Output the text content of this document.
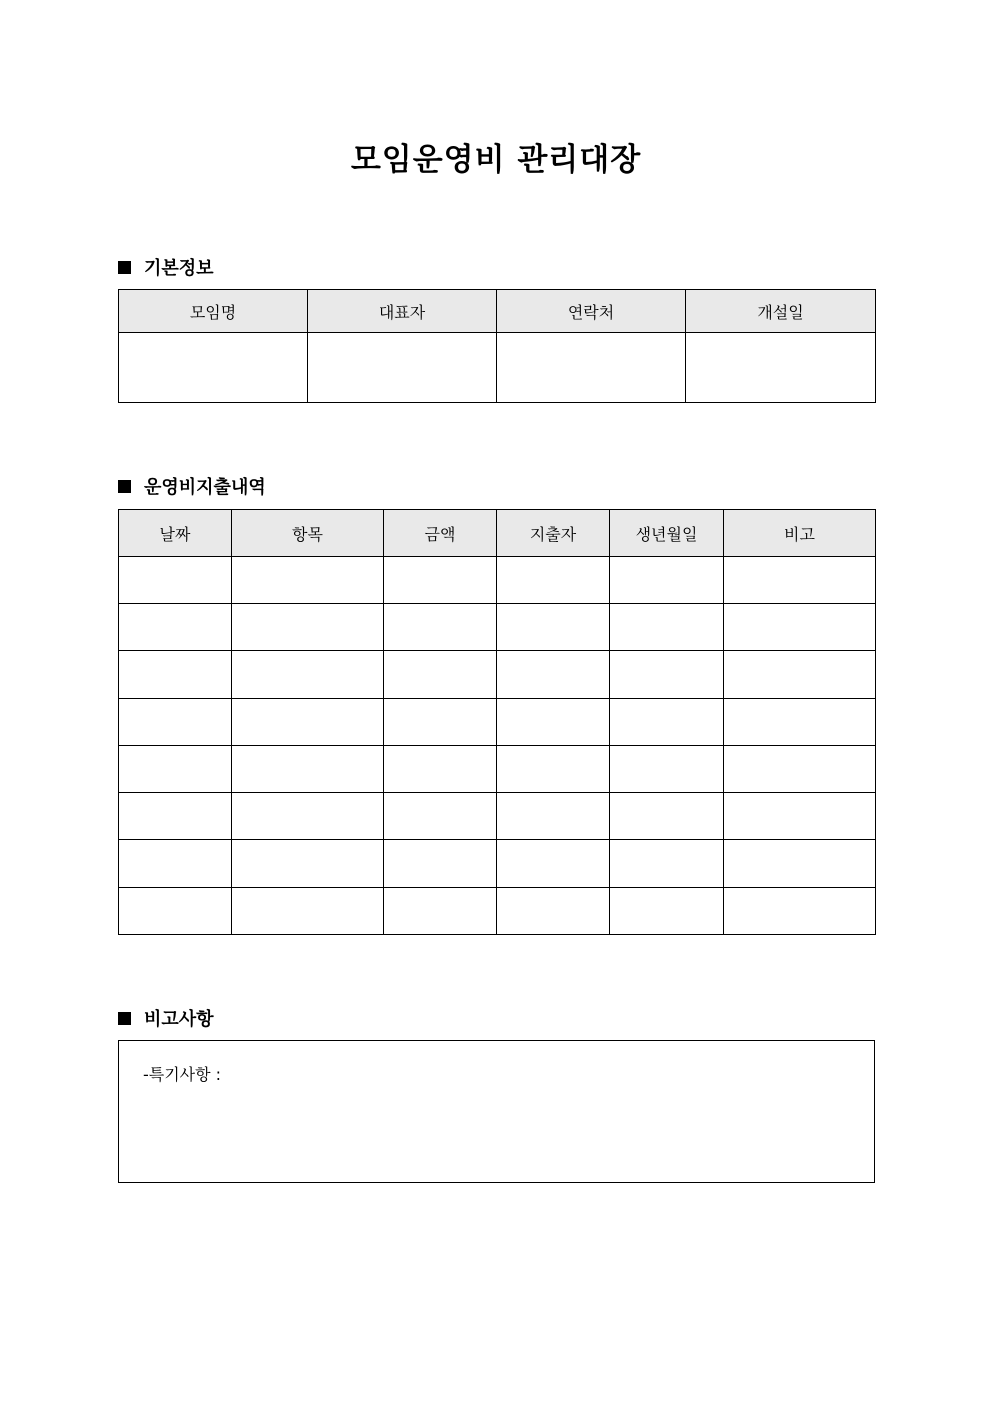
모임운영비 관리대장
기본정보
모임명	대표자	연락처	개설일

운영비지출내역
날짜	항목	금액	지출자	생년월일	비고

비고사항
-특기사항 :
